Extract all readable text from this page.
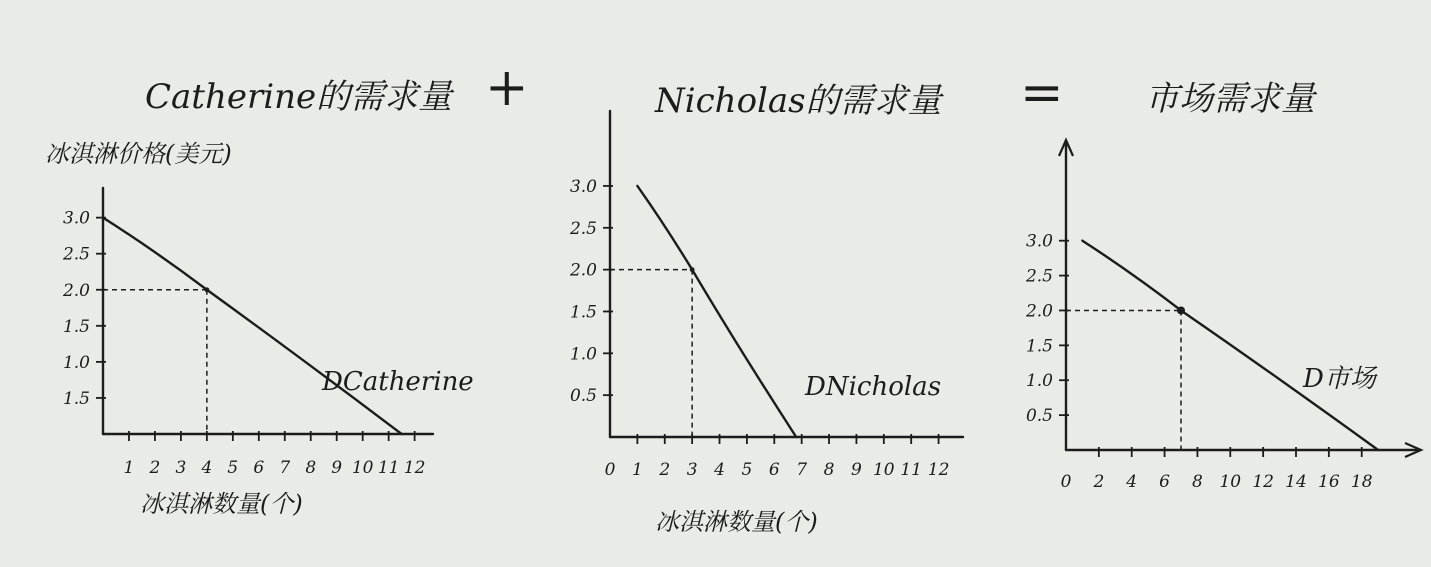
+	=
Catherine的需求量
3.0
2.5
2.0
1.5
1.0
1.5
1 2 3 4 5 6 7 8 9 10 11 12
DCatherine
冰淇淋价格(美元)
冰淇淋数量(个)
Nicholas的需求量
3.0
2.5
2.0
1.5
1.0
0.5
0 1 2 3 4 5 6 7 8 9 10 11 12
DNicholas
冰淇淋数量(个)
市场需求量
3.0
2.5
2.0
1.5
1.0
0.5
0 2 4 6 8 10 12 14 16 18
D市场
